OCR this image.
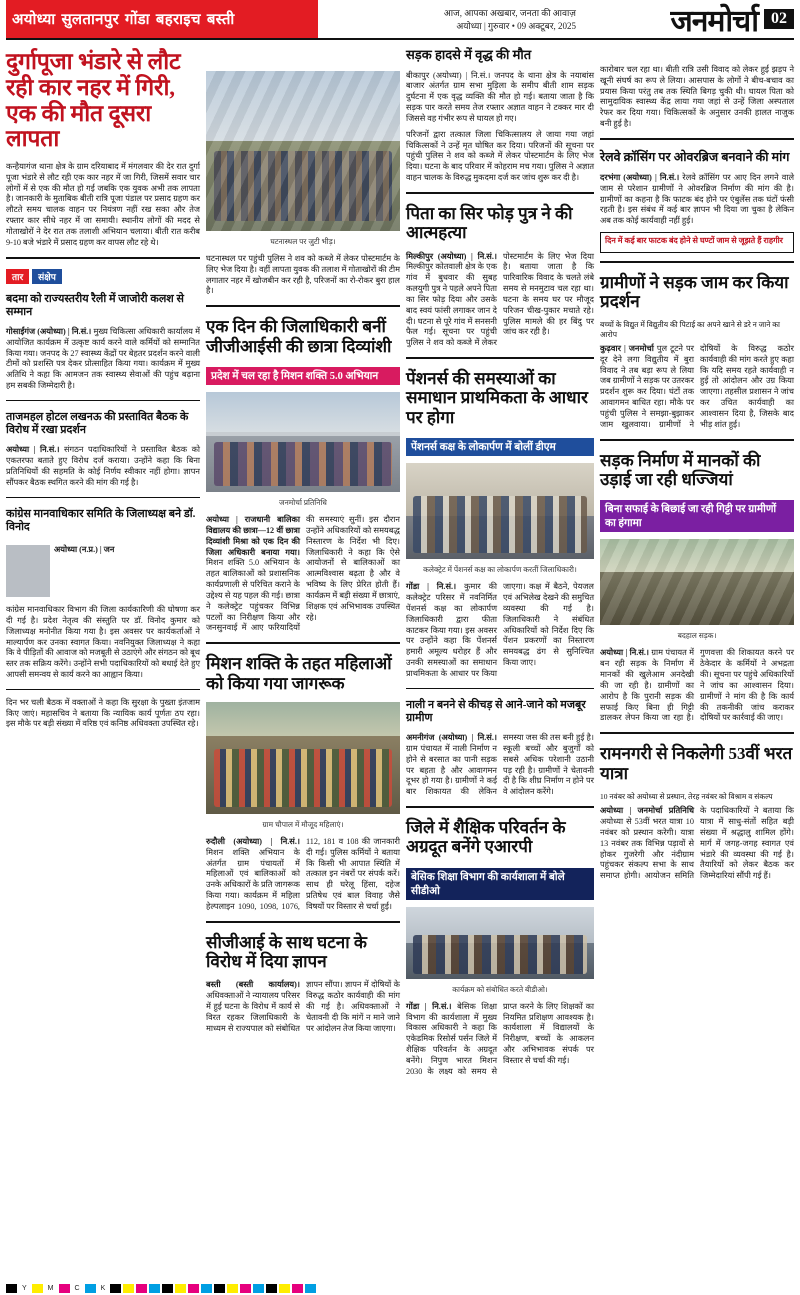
अयोध्या सुलतानपुर गोंडा बहराइच बस्ती	आज, आपका अखबार, जनता की आवाज़
अयोध्या | गुरुवार • 09 अक्टूबर, 2025	जनमोर्चा 02
दुर्गापूजा भंडारे से लौट रही कार नहर में गिरी, एक की मौत दूसरा लापता
कन्हैयागंज थाना क्षेत्र के ग्राम दरियाबाद में मंगलवार की देर रात दुर्गा पूजा भंडारे से लौट रही एक कार नहर में जा गिरी, जिसमें सवार चार लोगों में से एक की मौत हो गई जबकि एक युवक अभी तक लापता है। जानकारी के मुताबिक बीती रात्रि पूजा पंडाल पर प्रसाद ग्रहण कर लौटते समय चालक वाहन पर नियंत्रण नहीं रख सका और तेज रफ्तार कार सीधे नहर में जा समायी। स्थानीय लोगों की मदद से गोताखोरों ने देर रात तक तलाशी अभियान चलाया। बीती रात करीब 9-10 बजे भंडारे में प्रसाद ग्रहण कर वापस लौट रहे थे।
तार	संक्षेप
बदमा को राज्यस्तरीय रैली में जाजोरी कलश से सम्मान
गोसाईंगंज (अयोध्या) | नि.सं.। मुख्य चिकित्सा अधिकारी कार्यालय में आयोजित कार्यक्रम में उत्कृष्ट कार्य करने वाले कर्मियों को सम्मानित किया गया। जनपद के 27 स्वास्थ्य केंद्रों पर बेहतर प्रदर्शन करने वाली टीमों को प्रशस्ति पत्र देकर प्रोत्साहित किया गया। कार्यक्रम में मुख्य अतिथि ने कहा कि आमजन तक स्वास्थ्य सेवाओं की पहुंच बढ़ाना हम सबकी जिम्मेदारी है।
ताजमहल होटल लखनऊ की प्रस्तावित बैठक के विरोध में रखा प्रदर्शन
अयोध्या | नि.सं.। संगठन पदाधिकारियों ने प्रस्तावित बैठक को एकतरफा बताते हुए विरोध दर्ज कराया। उन्होंने कहा कि बिना प्रतिनिधियों की सहमति के कोई निर्णय स्वीकार नहीं होगा। ज्ञापन सौंपकर बैठक स्थगित करने की मांग की गई है।
कांग्रेस मानवाधिकार समिति के जिलाध्यक्ष बने डॉ. विनोद
अयोध्या (न.प्र.) | जन
कांग्रेस मानवाधिकार विभाग की जिला कार्यकारिणी की घोषणा कर दी गई है। प्रदेश नेतृत्व की संस्तुति पर डॉ. विनोद कुमार को जिलाध्यक्ष मनोनीत किया गया है। इस अवसर पर कार्यकर्ताओं ने माल्यार्पण कर उनका स्वागत किया। नवनियुक्त जिलाध्यक्ष ने कहा कि वे पीड़ितों की आवाज को मजबूती से उठाएंगे और संगठन को बूथ स्तर तक सक्रिय करेंगे। उन्होंने सभी पदाधिकारियों को बधाई देते हुए आपसी समन्वय से कार्य करने का आह्वान किया।
दिन भर चली बैठक में वक्ताओं ने कहा कि सुरक्षा के पुख्ता इंतजाम किए जाएं। महासचिव ने बताया कि न्यायिक कार्य पूर्णतः ठप रहा। इस मौके पर बड़ी संख्या में वरिष्ठ एवं कनिष्ठ अधिवक्ता उपस्थित रहे।
घटनास्थल पर जुटी भीड़।
घटनास्थल पर पहुंची पुलिस ने शव को कब्जे में लेकर पोस्टमार्टम के लिए भेज दिया है। वहीं लापता युवक की तलाश में गोताखोरों की टीम लगातार नहर में खोजबीन कर रही है, परिजनों का रो-रोकर बुरा हाल है।
एक दिन की जिलाधिकारी बनीं जीजीआईसी की छात्रा दिव्यांशी
प्रदेश में चल रहा है मिशन शक्ति 5.0 अभियान
जनमोर्चा प्रतिनिधि
अयोध्या | राजधानी बालिका विद्यालय की छात्रा—12 वीं छात्रा दिव्यांशी मिश्रा को एक दिन की जिला अधिकारी बनाया गया। मिशन शक्ति 5.0 अभियान के तहत बालिकाओं को प्रशासनिक कार्यप्रणाली से परिचित कराने के उद्देश्य से यह पहल की गई। छात्रा ने कलेक्ट्रेट पहुंचकर विभिन्न पटलों का निरीक्षण किया और जनसुनवाई में आए फरियादियों की समस्याएं सुनीं। इस दौरान उन्होंने अधिकारियों को समयबद्ध निस्तारण के निर्देश भी दिए। जिलाधिकारी ने कहा कि ऐसे आयोजनों से बालिकाओं का आत्मविश्वास बढ़ता है और वे भविष्य के लिए प्रेरित होती हैं। कार्यक्रम में बड़ी संख्या में छात्राएं, शिक्षक एवं अभिभावक उपस्थित रहे।
मिशन शक्ति के तहत महिलाओं को किया गया जागरूक
ग्राम चौपाल में मौजूद महिलाएं।
रुदौली (अयोध्या) | नि.सं.। मिशन शक्ति अभियान के अंतर्गत ग्राम पंचायतों में महिलाओं एवं बालिकाओं को उनके अधिकारों के प्रति जागरूक किया गया। कार्यक्रम में महिला हेल्पलाइन 1090, 1098, 1076, 112, 181 व 108 की जानकारी दी गई। पुलिस कर्मियों ने बताया कि किसी भी आपात स्थिति में तत्काल इन नंबरों पर संपर्क करें। साथ ही घरेलू हिंसा, दहेज प्रतिषेध एवं बाल विवाह जैसे विषयों पर विस्तार से चर्चा हुई।
सीजीआई के साथ घटना के विरोध में दिया ज्ञापन
बस्ती (बस्ती कार्यालय)। अधिवक्ताओं ने न्यायालय परिसर में हुई घटना के विरोध में कार्य से विरत रहकर जिलाधिकारी के माध्यम से राज्यपाल को संबोधित ज्ञापन सौंपा। ज्ञापन में दोषियों के विरुद्ध कठोर कार्यवाही की मांग की गई है। अधिवक्ताओं ने चेतावनी दी कि मांगें न माने जाने पर आंदोलन तेज किया जाएगा।
सड़क हादसे में वृद्ध की मौत
बीकापुर (अयोध्या) | नि.सं.। जनपद के थाना क्षेत्र के नयाबांस बाजार अंतर्गत ग्राम सभा मुड़िला के समीप बीती शाम सड़क दुर्घटना में एक वृद्ध व्यक्ति की मौत हो गई। बताया जाता है कि सड़क पार करते समय तेज रफ्तार अज्ञात वाहन ने टक्कर मार दी जिससे वह गंभीर रूप से घायल हो गए।
परिजनों द्वारा तत्काल जिला चिकित्सालय ले जाया गया जहां चिकित्सकों ने उन्हें मृत घोषित कर दिया। परिजनों की सूचना पर पहुंची पुलिस ने शव को कब्जे में लेकर पोस्टमार्टम के लिए भेज दिया। घटना के बाद परिवार में कोहराम मच गया। पुलिस ने अज्ञात वाहन चालक के विरुद्ध मुकदमा दर्ज कर जांच शुरू कर दी है।
पिता का सिर फोड़ पुत्र ने की आत्महत्या
मिल्कीपुर (अयोध्या) | नि.सं.। मिल्कीपुर कोतवाली क्षेत्र के एक गांव में बुधवार की सुबह कलयुगी पुत्र ने पहले अपने पिता का सिर फोड़ दिया और उसके बाद स्वयं फांसी लगाकर जान दे दी। घटना से पूरे गांव में सनसनी फैल गई। सूचना पर पहुंची पुलिस ने शव को कब्जे में लेकर पोस्टमार्टम के लिए भेज दिया है। बताया जाता है कि पारिवारिक विवाद के चलते लंबे समय से मनमुटाव चल रहा था। घटना के समय घर पर मौजूद परिजन चीख-पुकार मचाते रहे। पुलिस मामले की हर बिंदु पर जांच कर रही है।
पेंशनर्स की समस्याओं का समाधान प्राथमिकता के आधार पर होगा
पेंशनर्स कक्ष के लोकार्पण में बोलीं डीएम
कलेक्ट्रेट में पेंशनर्स कक्ष का लोकार्पण करतीं जिलाधिकारी।
गोंडा | नि.सं.। कुमार की कलेक्ट्रेट परिसर में नवनिर्मित पेंशनर्स कक्ष का लोकार्पण जिलाधिकारी द्वारा फीता काटकर किया गया। इस अवसर पर उन्होंने कहा कि पेंशनर्स हमारी अमूल्य धरोहर हैं और उनकी समस्याओं का समाधान प्राथमिकता के आधार पर किया जाएगा। कक्ष में बैठने, पेयजल एवं अभिलेख देखने की समुचित व्यवस्था की गई है। जिलाधिकारी ने संबंधित अधिकारियों को निर्देश दिए कि पेंशन प्रकरणों का निस्तारण समयबद्ध ढंग से सुनिश्चित किया जाए।
नाली न बनने से कीचड़ से आने-जाने को मजबूर ग्रामीण
अमनीगंज (अयोध्या) | नि.सं.। ग्राम पंचायत में नाली निर्माण न होने से बरसात का पानी सड़क पर बहता है और आवागमन दूभर हो गया है। ग्रामीणों ने कई बार शिकायत की लेकिन समस्या जस की तस बनी हुई है। स्कूली बच्चों और बुजुर्गों को सबसे अधिक परेशानी उठानी पड़ रही है। ग्रामीणों ने चेतावनी दी है कि शीघ्र निर्माण न होने पर वे आंदोलन करेंगे।
जिले में शैक्षिक परिवर्तन के अग्रदूत बनेंगे एआरपी
बेसिक शिक्षा विभाग की कार्यशाला में बोले सीडीओ
कार्यक्रम को संबोधित करते बीडीओ।
गोंडा | नि.सं.। बेसिक शिक्षा विभाग की कार्यशाला में मुख्य विकास अधिकारी ने कहा कि एकेडमिक रिसोर्स पर्सन जिले में शैक्षिक परिवर्तन के अग्रदूत बनेंगे। निपुण भारत मिशन 2030 के लक्ष्य को समय से प्राप्त करने के लिए शिक्षकों का नियमित प्रशिक्षण आवश्यक है। कार्यशाला में विद्यालयों के निरीक्षण, बच्चों के आकलन और अभिभावक संपर्क पर विस्तार से चर्चा की गई।
कारोबार चल रहा था। बीती रात्रि उसी विवाद को लेकर हुई झड़प ने खूनी संघर्ष का रूप ले लिया। आसपास के लोगों ने बीच-बचाव का प्रयास किया परंतु तब तक स्थिति बिगड़ चुकी थी। घायल पिता को सामुदायिक स्वास्थ्य केंद्र लाया गया जहां से उन्हें जिला अस्पताल रेफर कर दिया गया। चिकित्सकों के अनुसार उनकी हालत नाजुक बनी हुई है।
रेलवे क्रॉसिंग पर ओवरब्रिज बनवाने की मांग
दरभंगा (अयोध्या) | नि.सं.। रेलवे क्रॉसिंग पर आए दिन लगने वाले जाम से परेशान ग्रामीणों ने ओवरब्रिज निर्माण की मांग की है। ग्रामीणों का कहना है कि फाटक बंद होने पर एंबुलेंस तक घंटों फंसी रहती है। इस संबंध में कई बार ज्ञापन भी दिया जा चुका है लेकिन अब तक कोई कार्यवाही नहीं हुई।
दिन में कई बार फाटक बंद होने से घण्टों जाम से जूझते हैं राहगीर
ग्रामीणों ने सड़क जाम कर किया प्रदर्शन
बच्चों के विद्युत में विद्युतीय की पिटाई का अपने खाने से डरे न जाने का आरोप
कुढ़वार | जनमोर्चा पुल टूटने पर दूर देने लगा विद्युतीय में बुरा विवाद ने तब बड़ा रूप ले लिया जब ग्रामीणों ने सड़क पर उतरकर प्रदर्शन शुरू कर दिया। घंटों तक आवागमन बाधित रहा। मौके पर पहुंची पुलिस ने समझा-बुझाकर जाम खुलवाया। ग्रामीणों ने दोषियों के विरुद्ध कठोर कार्यवाही की मांग करते हुए कहा कि यदि समय रहते कार्यवाही न हुई तो आंदोलन और उग्र किया जाएगा। तहसील प्रशासन ने जांच कर उचित कार्यवाही का आश्वासन दिया है, जिसके बाद भीड़ शांत हुई।
सड़क निर्माण में मानकों की उड़ाई जा रही धज्जियां
बिना सफाई के बिछाई जा रही गिट्टी पर ग्रामीणों का हंगामा
बदहाल सड़क।
अयोध्या | नि.सं.। ग्राम पंचायत में बन रही सड़क के निर्माण में मानकों की खुलेआम अनदेखी की जा रही है। ग्रामीणों का आरोप है कि पुरानी सड़क की सफाई किए बिना ही गिट्टी डालकर लेपन किया जा रहा है। गुणवत्ता की शिकायत करने पर ठेकेदार के कर्मियों ने अभद्रता की। सूचना पर पहुंचे अधिकारियों ने जांच का आश्वासन दिया। ग्रामीणों ने मांग की है कि कार्य की तकनीकी जांच कराकर दोषियों पर कार्रवाई की जाए।
रामनगरी से निकलेगी 53वीं भरत यात्रा
10 नवंबर को अयोध्या से प्रस्थान, तेरह नवंबर को विश्राम व संकल्प
अयोध्या | जनमोर्चा प्रतिनिधि अयोध्या से 53वीं भरत यात्रा 10 नवंबर को प्रस्थान करेगी। यात्रा 13 नवंबर तक विभिन्न पड़ावों से होकर गुजरेगी और नंदीग्राम पहुंचकर संकल्प सभा के साथ समाप्त होगी। आयोजन समिति के पदाधिकारियों ने बताया कि यात्रा में साधु-संतों सहित बड़ी संख्या में श्रद्धालु शामिल होंगे। मार्ग में जगह-जगह स्वागत एवं भंडारे की व्यवस्था की गई है। तैयारियों को लेकर बैठक कर जिम्मेदारियां सौंपी गई हैं।
Y	M	C	K
